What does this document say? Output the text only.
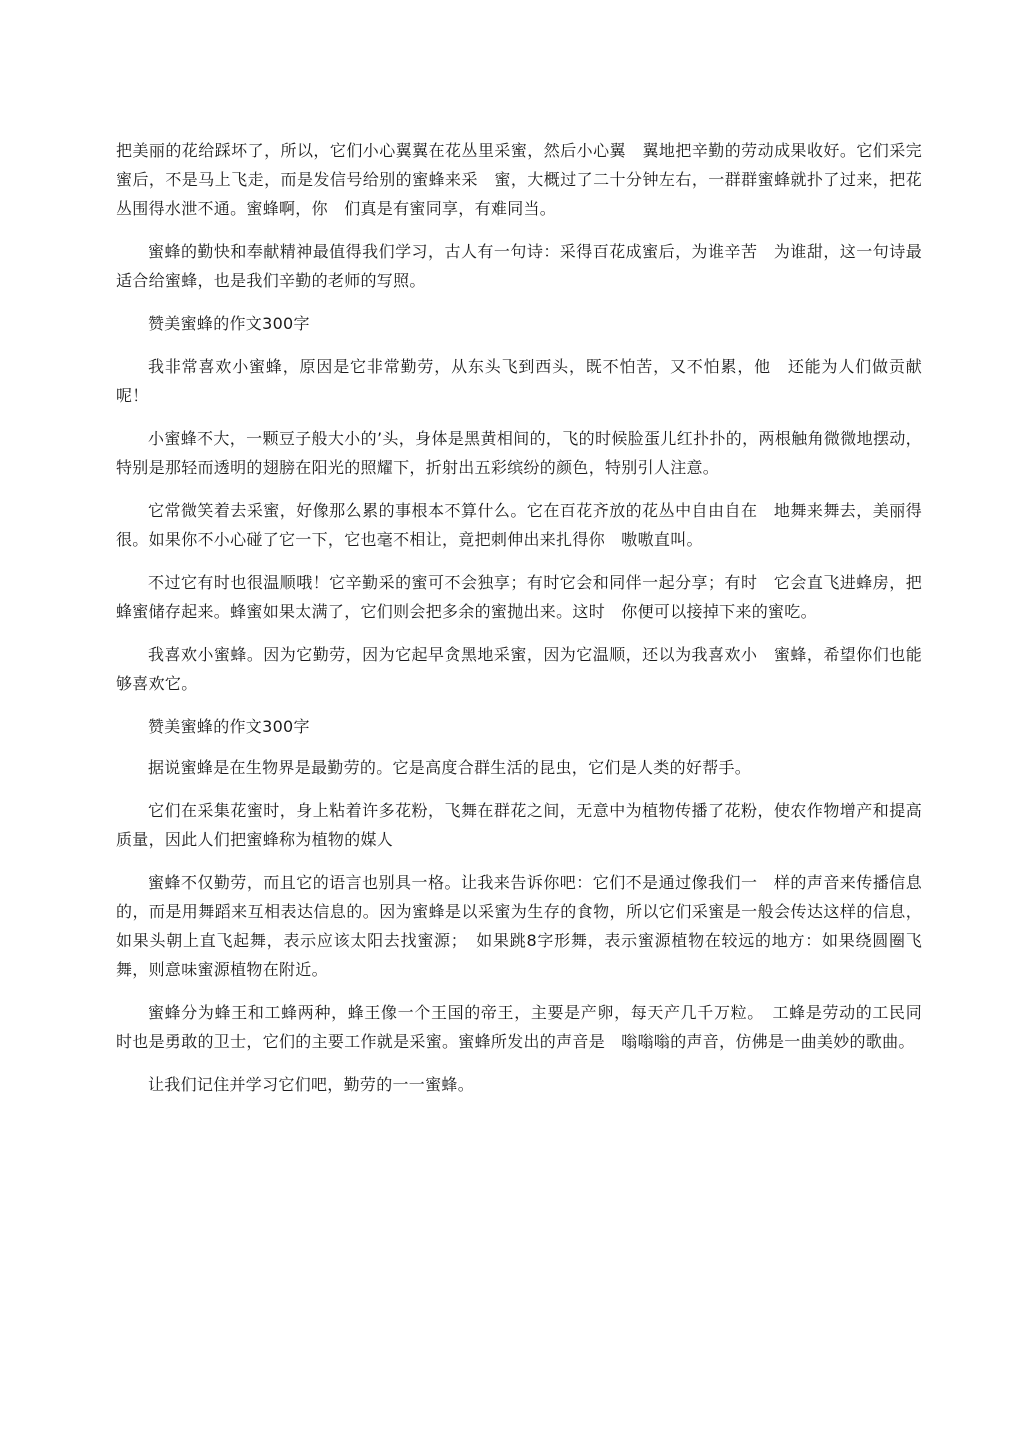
把美丽的花给踩坏了，所以，它们小心翼翼在花丛里采蜜，然后小心翼　翼地把辛勤的劳动成果收好。它们采完蜜后，不是马上飞走，而是发信号给别的蜜蜂来采　蜜，大概过了二十分钟左右，一群群蜜蜂就扑了过来，把花丛围得水泄不通。蜜蜂啊，你　们真是有蜜同享，有难同当。

蜜蜂的勤快和奉献精神最值得我们学习，古人有一句诗：采得百花成蜜后，为谁辛苦　为谁甜，这一句诗最适合给蜜蜂，也是我们辛勤的老师的写照。

赞美蜜蜂的作文300字

我非常喜欢小蜜蜂，原因是它非常勤劳，从东头飞到西头，既不怕苦，又不怕累，他　还能为人们做贡献呢！

小蜜蜂不大，一颗豆子般大小的’头，身体是黑黄相间的，飞的时候脸蛋儿红扑扑的，两根触角微微地摆动，特别是那轻而透明的翅膀在阳光的照耀下，折射出五彩缤纷的颜色，特别引人注意。

它常微笑着去采蜜，好像那么累的事根本不算什么。它在百花齐放的花丛中自由自在　地舞来舞去，美丽得很。如果你不小心碰了它一下，它也毫不相让，竟把刺伸出来扎得你　嗷嗷直叫。

不过它有时也很温顺哦！它辛勤采的蜜可不会独享；有时它会和同伴一起分享；有时　它会直飞进蜂房，把蜂蜜储存起来。蜂蜜如果太满了，它们则会把多余的蜜抛出来。这时　你便可以接掉下来的蜜吃。

我喜欢小蜜蜂。因为它勤劳，因为它起早贪黑地采蜜，因为它温顺，还以为我喜欢小　蜜蜂，希望你们也能够喜欢它。

赞美蜜蜂的作文300字

据说蜜蜂是在生物界是最勤劳的。它是高度合群生活的昆虫，它们是人类的好帮手。

它们在采集花蜜时，身上粘着许多花粉，飞舞在群花之间，无意中为植物传播了花粉，使农作物增产和提高质量，因此人们把蜜蜂称为植物的媒人

蜜蜂不仅勤劳，而且它的语言也别具一格。让我来告诉你吧：它们不是通过像我们一　样的声音来传播信息的，而是用舞蹈来互相表达信息的。因为蜜蜂是以采蜜为生存的食物，所以它们采蜜是一般会传达这样的信息，如果头朝上直飞起舞，表示应该太阳去找蜜源；　如果跳8字形舞，表示蜜源植物在较远的地方：如果绕圆圈飞舞，则意味蜜源植物在附近。

蜜蜂分为蜂王和工蜂两种，蜂王像一个王国的帝王，主要是产卵，每天产几千万粒。　工蜂是劳动的工民同时也是勇敢的卫士，它们的主要工作就是采蜜。蜜蜂所发出的声音是　嗡嗡嗡的声音，仿佛是一曲美妙的歌曲。

让我们记住并学习它们吧，勤劳的一一蜜蜂。
